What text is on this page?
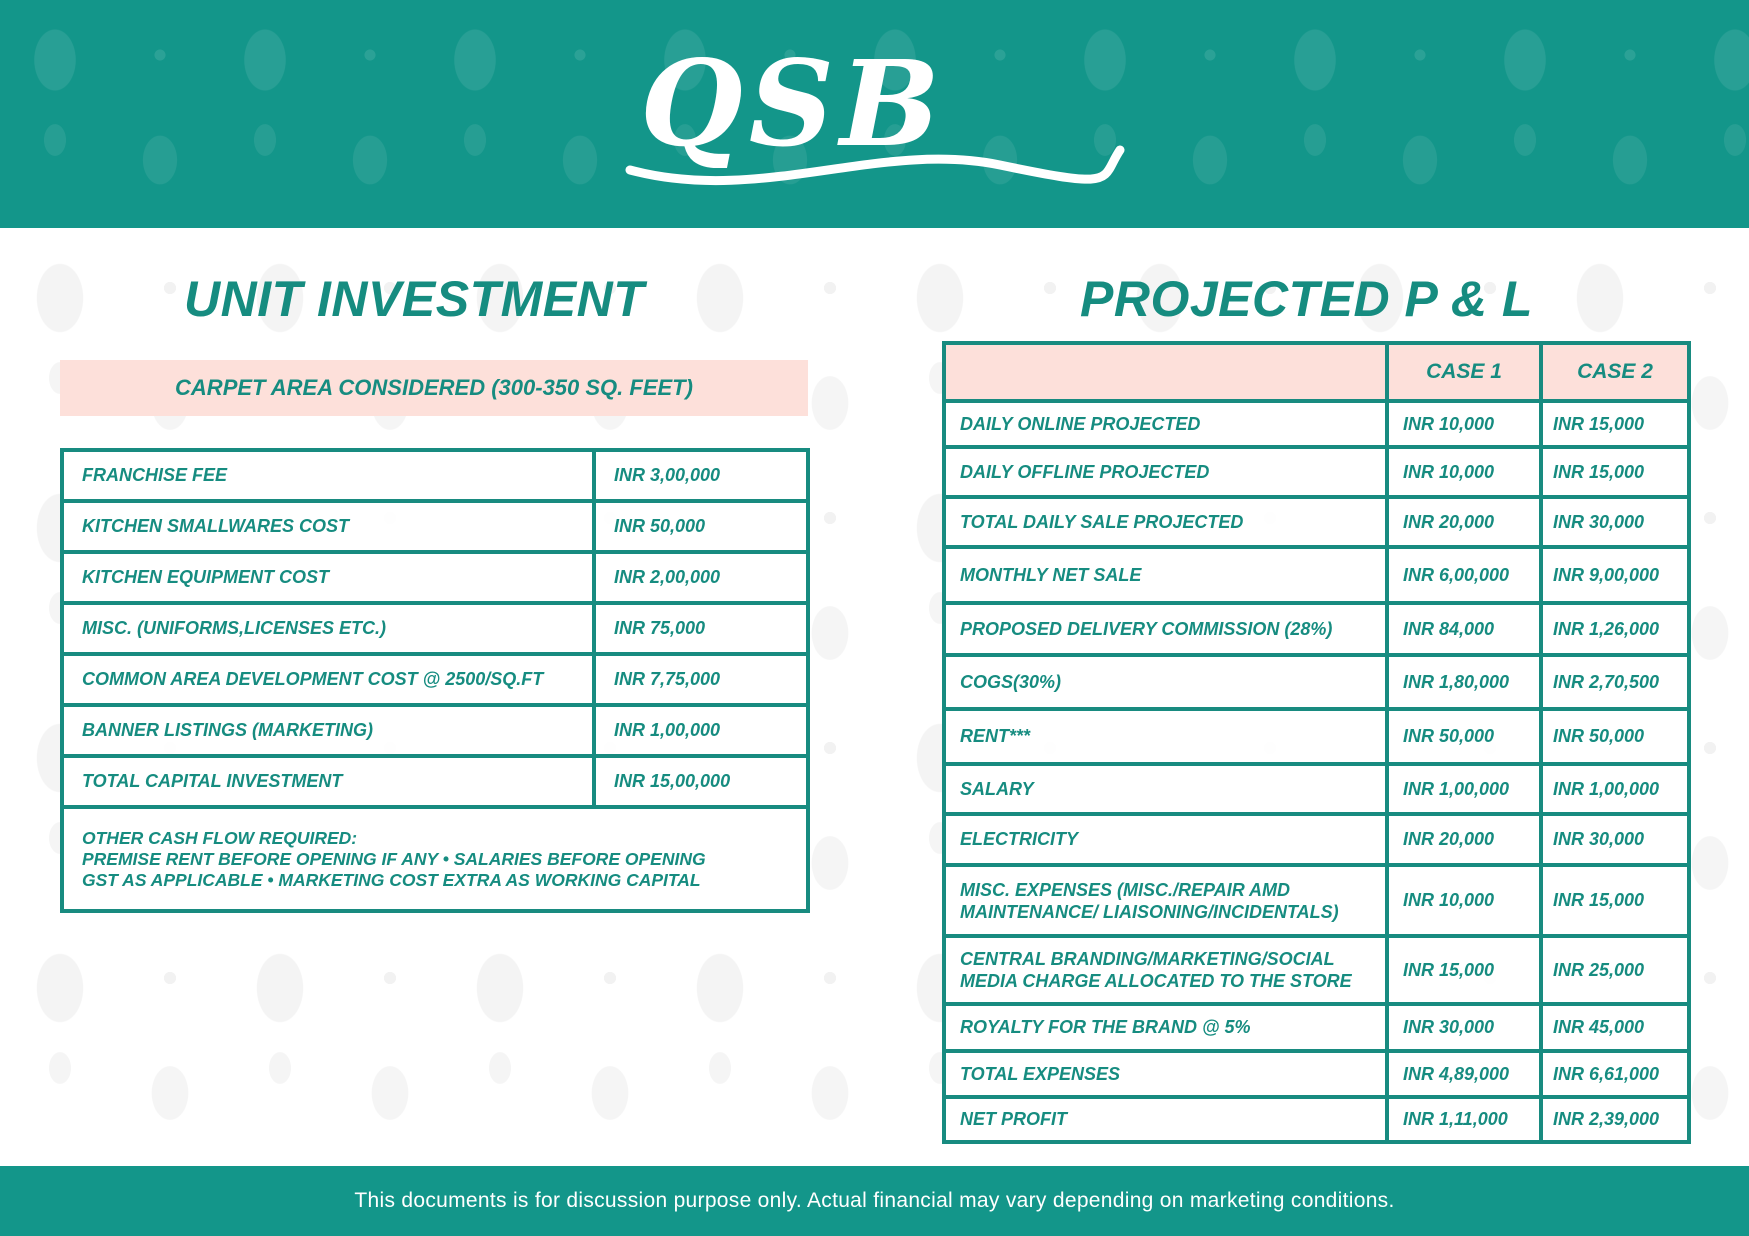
QSB
UNIT INVESTMENT	PROJECTED P & L
CARPET AREA CONSIDERED (300-350 SQ. FEET)
FRANCHISE FEE	INR 3,00,000
KITCHEN SMALLWARES COST	INR 50,000
KITCHEN EQUIPMENT COST	INR 2,00,000
MISC. (UNIFORMS,LICENSES ETC.)	INR 75,000
COMMON AREA DEVELOPMENT COST @ 2500/SQ.FT	INR 7,75,000
BANNER LISTINGS (MARKETING)	INR 1,00,000
TOTAL CAPITAL INVESTMENT	INR 15,00,000

OTHER CASH FLOW REQUIRED:
PREMISE RENT BEFORE OPENING IF ANY • SALARIES BEFORE OPENING
GST AS APPLICABLE • MARKETING COST EXTRA AS WORKING CAPITAL	
	CASE 1	CASE 2

DAILY ONLINE PROJECTED	INR 10,000	INR 15,000

DAILY OFFLINE PROJECTED	INR 10,000	INR 15,000

TOTAL DAILY SALE PROJECTED	INR 20,000	INR 30,000

MONTHLY NET SALE	INR 6,00,000	INR 9,00,000

PROPOSED DELIVERY COMMISSION (28%)	INR 84,000	INR 1,26,000

COGS(30%)	INR 1,80,000	INR 2,70,500

RENT***	INR 50,000	INR 50,000

SALARY	INR 1,00,000	INR 1,00,000

ELECTRICITY	INR 20,000	INR 30,000

MISC. EXPENSES (MISC./REPAIR AMD
MAINTENANCE/ LIAISONING/INCIDENTALS)	INR 10,000	INR 15,000

CENTRAL BRANDING/MARKETING/SOCIAL
MEDIA CHARGE ALLOCATED TO THE STORE	INR 15,000	INR 25,000

ROYALTY FOR THE BRAND @ 5%	INR 30,000	INR 45,000

TOTAL EXPENSES	INR 4,89,000	INR 6,61,000

NET PROFIT	INR 1,11,000	INR 2,39,000
This documents is for discussion purpose only. Actual financial may vary depending on marketing conditions.
